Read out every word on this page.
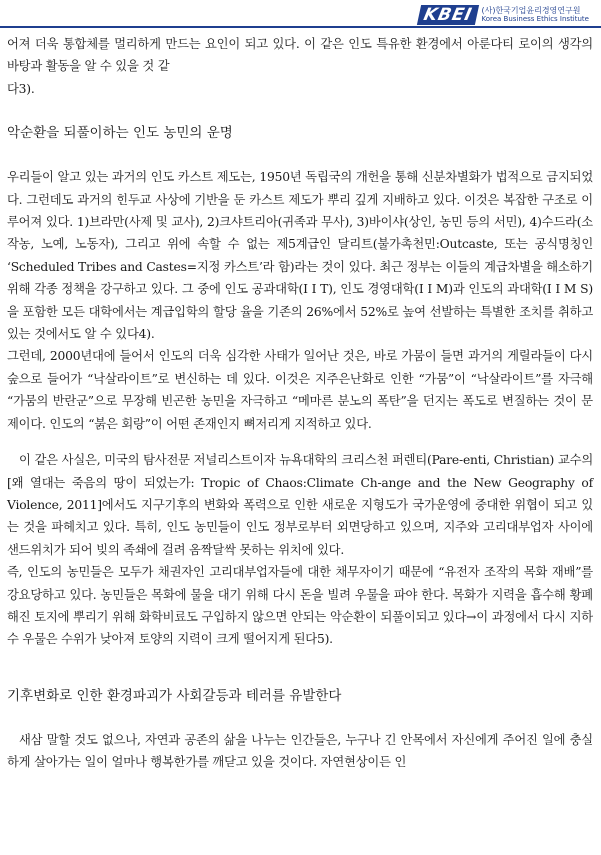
KBEI (사)한국기업윤리경영연구원
Korea Business Ethics Institute

어져 더욱 통합체를 멀리하게 만드는 요인이 되고 있다. 이 같은 인도 특유한 환경에서 아룬다티 로이의 생각의 바탕과 활동을 알 수 있을 것 같

다3).

악순환을 되풀이하는 인도 농민의 운명

우리들이 알고 있는 과거의 인도 카스트 제도는, 1950년 독립국의 개헌을 통해 신분차별화가 법적으로 금지되었다. 그런데도 과거의 힌두교 사상에 기반을 둔 카스트 제도가 뿌리 깊게 지배하고 있다. 이것은 복잡한 구조로 이루어져 있다. 1)브라만(사제 및 교사), 2)크샤트리아(귀족과 무사), 3)바이샤(상인, 농민 등의 서민), 4)수드라(소작농, 노예, 노동자), 그리고 위에 속할 수 없는 제5계급인 달리트(불가촉천민:Outcaste, 또는 공식명칭인 ‘Scheduled Tribes and Castes=지정 카스트’라 함)라는 것이 있다. 최근 정부는 이들의 계급차별을 해소하기 위해 각종 정책을 강구하고 있다. 그 중에 인도 공과대학(I I T), 인도 경영대학(I I M)과 인도의 과대학(I I M S)을 포함한 모든 대학에서는 계급입학의 할당 율을 기존의 26%에서 52%로 높여 선발하는 특별한 조치를 취하고 있는 것에서도 알 수 있다4).

그런데, 2000년대에 들어서 인도의 더욱 심각한 사태가 일어난 것은, 바로 가뭄이 들면 과거의 게릴라들이 다시 숲으로 들어가 “낙살라이트”로 변신하는 데 있다. 이것은 지주은난화로 인한 “가뭄”이 “낙살라이트”를 자극해 “가뭄의 반란군”으로 무장해 빈곤한 농민을 자극하고 “메마른 분노의 폭탄”을 던지는 폭도로 변질하는 것이 문제이다. 인도의 “붉은 회랑”이 어떤 존재인지 뼈저리게 지적하고 있다.

이 같은 사실은, 미국의 탐사전문 저널리스트이자 뉴욕대학의 크리스천 퍼렌티(Pare-enti, Christian) 교수의 [왜 열대는 죽음의 땅이 되었는가: Tropic of Chaos:Climate Ch-ange and the New Geography of Violence, 2011]에서도 지구기후의 변화와 폭력으로 인한 새로운 지형도가 국가운영에 중대한 위협이 되고 있는 것을 파헤치고 있다. 특히, 인도 농민들이 인도 정부로부터 외면당하고 있으며, 지주와 고리대부업자 사이에 샌드위치가 되어 빚의 족쇄에 걸려 옴짝달싹 못하는 위치에 있다.

즉, 인도의 농민들은 모두가 채권자인 고리대부업자들에 대한 채무자이기 때문에 “유전자 조작의 목화 재배”를 강요당하고 있다. 농민들은 목화에 물을 대기 위해 다시 돈을 빌려 우물을 파야 한다. 목화가 지력을 흡수해 황폐해진 토지에 뿌리기 위해 화학비료도 구입하지 않으면 안되는 악순환이 되풀이되고 있다→이 과정에서 다시 지하수 우물은 수위가 낮아져 토양의 지력이 크게 떨어지게 된다5).

기후변화로 인한 환경파괴가 사회갈등과 테러를 유발한다

새삼 말할 것도 없으나, 자연과 공존의 삶을 나누는 인간들은, 누구나 긴 안목에서 자신에게 주어진 일에 충실하게 살아가는 일이 얼마나 행복한가를 깨닫고 있을 것이다. 자연현상이든 인
